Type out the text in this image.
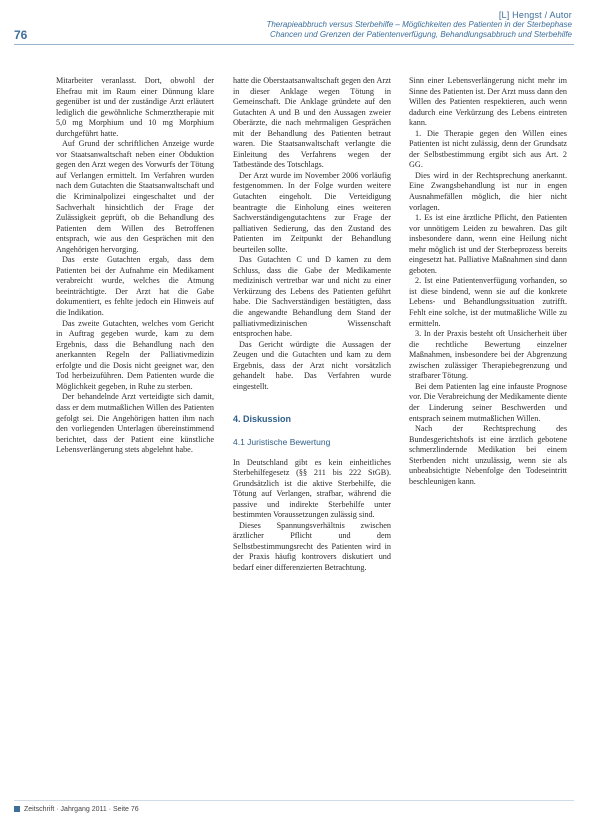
[L] Hengst / Autor
Therapieabbruch versus Sterbehilfe – Möglichkeiten des Patienten in der Sterbephase
Chancen und Grenzen der Patientenverfügung, Behandlungsabbruch und Sterbehilfe
76

Mitarbeiter veranlasst. Dort, obwohl der Ehefrau mit im Raum einer Dünnung klare gegenüber ist und der zuständige Arzt erläutert lediglich die gewöhnliche Schmerztherapie mit 5,0 mg Morphium und 10 mg Morphium durchgeführt hatte.

Auf Grund der schriftlichen Anzeige wurde vor Staatsanwaltschaft neben einer Obduktion gegen den Arzt wegen des Vorwurfs der Tötung auf Verlangen ermittelt. Im Verfahren wurden nach dem Gutachten die Staatsanwaltschaft und die Kriminalpolizei eingeschaltet und der Sachverhalt hinsichtlich der Frage der Zulässigkeit geprüft, ob die Behandlung des Patienten dem Willen des Betroffenen entsprach, wie aus den Gesprächen mit den Angehörigen hervorging.

Das erste Gutachten ergab, dass dem Patienten bei der Aufnahme ein Medikament verabreicht wurde, welches die Atmung beeinträchtigte. Der Arzt hat die Gabe dokumentiert, es fehlte jedoch ein Hinweis auf die Indikation.

Das zweite Gutachten, welches vom Gericht in Auftrag gegeben wurde, kam zu dem Ergebnis, dass die Behandlung nach den anerkannten Regeln der Palliativmedizin erfolgte und die Dosis nicht geeignet war, den Tod herbeizuführen. Dem Patienten wurde die Möglichkeit gegeben, in Ruhe zu sterben.

Der behandelnde Arzt verteidigte sich damit, dass er dem mutmaßlichen Willen des Patienten gefolgt sei. Die Angehörigen hatten ihm nach den vorliegenden Unterlagen übereinstimmend berichtet, dass der Patient eine künstliche Lebensverlängerung stets abgelehnt habe.

hatte die Oberstaatsanwaltschaft gegen den Arzt in dieser Anklage wegen Tötung in Gemeinschaft. Die Anklage gründete auf den Gutachten A und B und den Aussagen zweier Oberärzte, die nach mehrmaligen Gesprächen mit der Behandlung des Patienten betraut waren. Die Staatsanwaltschaft verlangte die Einleitung des Verfahrens wegen der Tatbestände des Totschlags.

Der Arzt wurde im November 2006 vorläufig festgenommen. In der Folge wurden weitere Gutachten eingeholt. Die Verteidigung beantragte die Einholung eines weiteren Sachverständigengutachtens zur Frage der palliativen Sedierung, das den Zustand des Patienten im Zeitpunkt der Behandlung beurteilen sollte.

Das Gutachten C und D kamen zu dem Schluss, dass die Gabe der Medikamente medizinisch vertretbar war und nicht zu einer Verkürzung des Lebens des Patienten geführt habe. Die Sachverständigen bestätigten, dass die angewandte Behandlung dem Stand der palliativmedizinischen Wissenschaft entsprochen habe.

Das Gericht würdigte die Aussagen der Zeugen und die Gutachten und kam zu dem Ergebnis, dass der Arzt nicht vorsätzlich gehandelt habe. Das Verfahren wurde eingestellt.

4. Diskussion
4.1 Juristische Bewertung

In Deutschland gibt es kein einheitliches Sterbehilfegesetz (§§ 211 bis 222 StGB). Grundsätzlich ist die aktive Sterbehilfe, die Tötung auf Verlangen, strafbar, während die passive und indirekte Sterbehilfe unter bestimmten Voraussetzungen zulässig sind.

Dieses Spannungsverhältnis zwischen ärztlicher Pflicht und dem Selbstbestimmungsrecht des Patienten wird in der Praxis häufig kontrovers diskutiert und bedarf einer differenzierten Betrachtung.

Sinn einer Lebensverlängerung nicht mehr im Sinne des Patienten ist. Der Arzt muss dann den Willen des Patienten respektieren, auch wenn dadurch eine Verkürzung des Lebens eintreten kann.

1. Die Therapie gegen den Willen eines Patienten ist nicht zulässig, denn der Grundsatz der Selbstbestimmung ergibt sich aus Art. 2 GG.

Dies wird in der Rechtsprechung anerkannt. Eine Zwangsbehandlung ist nur in engen Ausnahmefällen möglich, die hier nicht vorlagen.

1. Es ist eine ärztliche Pflicht, den Patienten vor unnötigem Leiden zu bewahren. Das gilt insbesondere dann, wenn eine Heilung nicht mehr möglich ist und der Sterbeprozess bereits eingesetzt hat. Palliative Maßnahmen sind dann geboten.

2. Ist eine Patientenverfügung vorhanden, so ist diese bindend, wenn sie auf die konkrete Lebens- und Behandlungssituation zutrifft. Fehlt eine solche, ist der mutmaßliche Wille zu ermitteln.

3. In der Praxis besteht oft Unsicherheit über die rechtliche Bewertung einzelner Maßnahmen, insbesondere bei der Abgrenzung zwischen zulässiger Therapiebegrenzung und strafbarer Tötung.

Bei dem Patienten lag eine infauste Prognose vor. Die Verabreichung der Medikamente diente der Linderung seiner Beschwerden und entsprach seinem mutmaßlichen Willen.

Nach der Rechtsprechung des Bundesgerichtshofs ist eine ärztlich gebotene schmerzlindernde Medikation bei einem Sterbenden nicht unzulässig, wenn sie als unbeabsichtigte Nebenfolge den Todeseintritt beschleunigen kann.

Zeitschrift · Jahrgang 2011 · Seite 76
